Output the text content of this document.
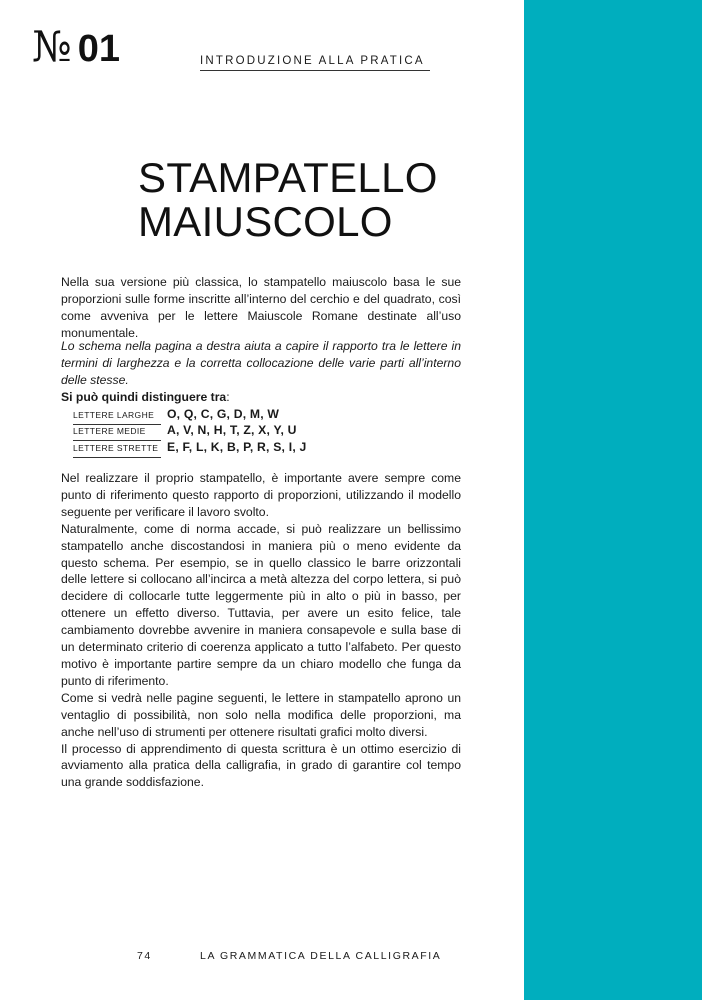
№ 01	INTRODUZIONE ALLA PRATICA
STAMPATELLO
MAIUSCOLO

Nella sua versione più classica, lo stampatello maiuscolo basa le sue proporzioni sulle forme inscritte all’interno del cerchio e del quadrato, così come avveniva per le lettere Maiuscole Romane destinate all’uso monumentale.

Lo schema nella pagina a destra aiuta a capire il rapporto tra le lettere in termini di larghezza e la corretta collocazione delle varie parti all’interno delle stesse.

Si può quindi distinguere tra:

LETTERE LARGHE	O, Q, C, G, D, M, W
LETTERE MEDIE	A, V, N, H, T, Z, X, Y, U
LETTERE STRETTE E, F, L, K, B, P, R, S, I, J

Nel realizzare il proprio stampatello, è importante avere sempre come punto di riferimento questo rapporto di proporzioni, utilizzando il modello seguente per verificare il lavoro svolto.

Naturalmente, come di norma accade, si può realizzare un bellissimo stampatello anche discostandosi in maniera più o meno evidente da questo schema. Per esempio, se in quello classico le barre orizzontali delle lettere si collocano all’incirca a metà altezza del corpo lettera, si può decidere di collocarle tutte leggermente più in alto o più in basso, per ottenere un effetto diverso. Tuttavia, per avere un esito felice, tale cambiamento dovrebbe avvenire in maniera consapevole e sulla base di un determinato criterio di coerenza applicato a tutto l’alfabeto. Per questo motivo è importante partire sempre da un chiaro modello che funga da punto di riferimento.

Come si vedrà nelle pagine seguenti, le lettere in stampatello aprono un ventaglio di possibilità, non solo nella modifica delle proporzioni, ma anche nell’uso di strumenti per ottenere risultati grafici molto diversi.

Il processo di apprendimento di questa scrittura è un ottimo esercizio di avviamento alla pratica della calligrafia, in grado di garantire col tempo una grande soddisfazione.

74	LA GRAMMATICA DELLA CALLIGRAFIA
